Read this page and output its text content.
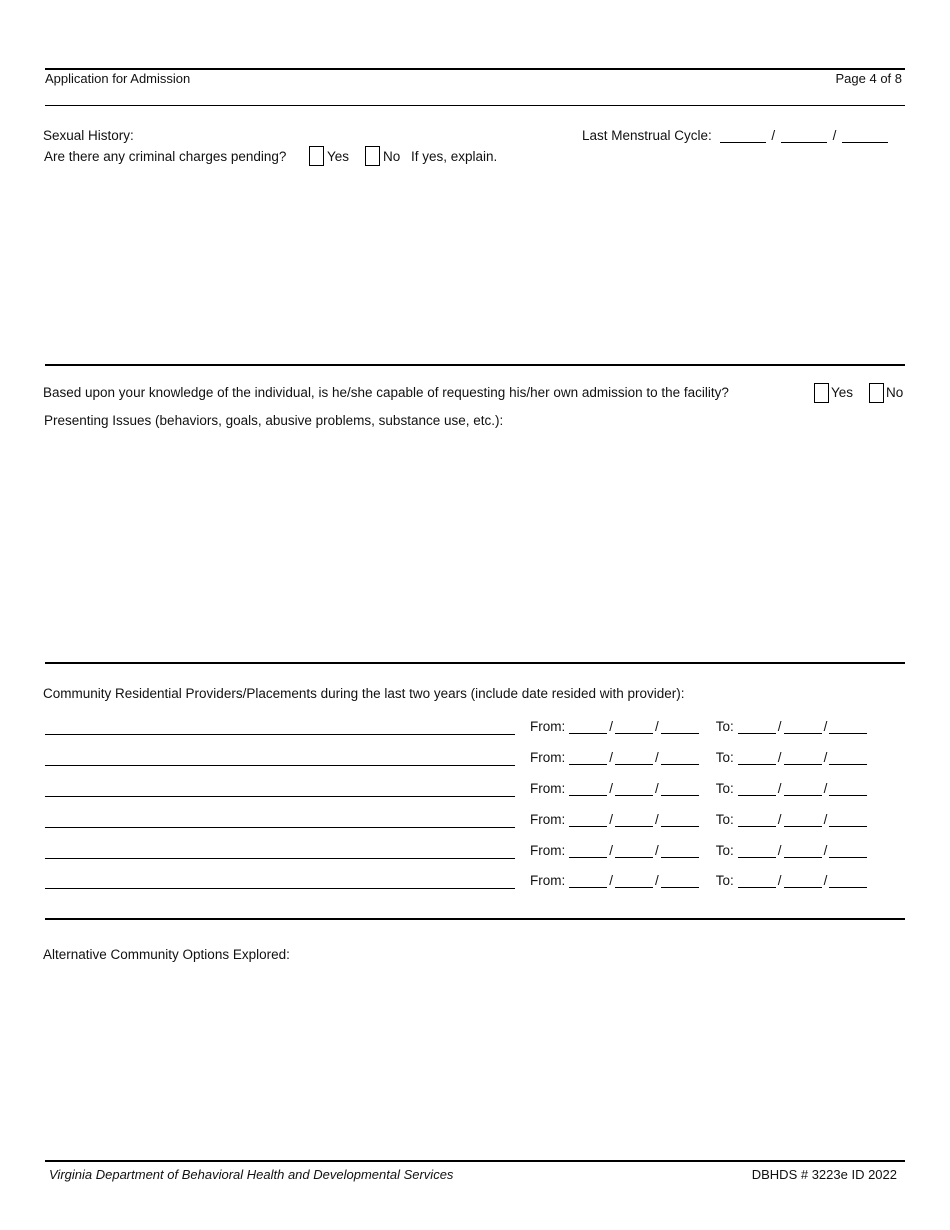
Application for Admission	Page 4 of 8
Sexual History:	Last Menstrual Cycle:	/	/
Are there any criminal charges pending?	Yes	No If yes, explain.
Based upon your knowledge of the individual, is he/she capable of requesting his/her own admission to the facility?	Yes No
Presenting Issues (behaviors, goals, abusive problems, substance use, etc.):
Community Residential Providers/Placements during the last two years (include date resided with provider):
From:	/	/	To:	/	/
From:	/	/	To:	/	/
From:	/	/	To:	/	/
From:	/	/	To:	/	/
From:	/	/	To:	/	/
From:	/	/	To:	/	/
Alternative Community Options Explored:
Virginia Department of Behavioral Health and Developmental Services	DBHDS # 3223e ID 2022
